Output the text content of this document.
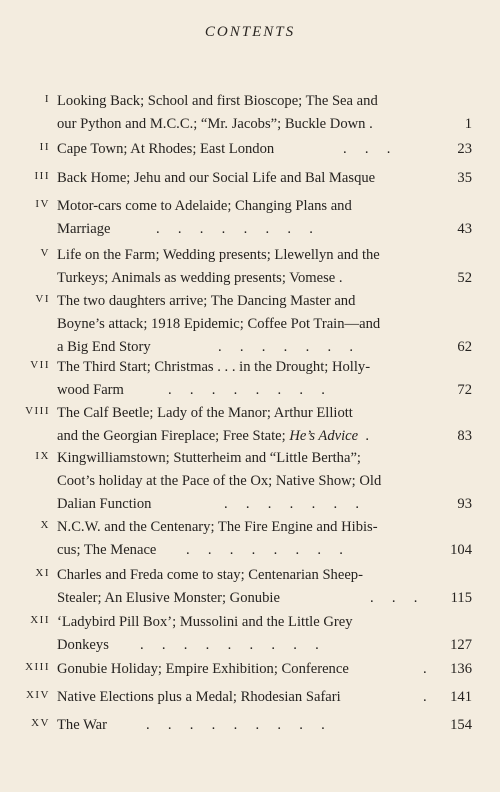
CONTENTS
I Looking Back; School and first Bioscope; The Sea and
our Python and M.C.C.; “Mr. Jacobs”; Buckle Down .	1
II Cape Town; At Rhodes; East London	.     .     .	23
III Back Home; Jehu and our Social Life and Bal Masque	35
IV Motor-cars come to Adelaide; Changing Plans and
Marriage	.     .     .     .     .     .     .     .	43
V Life on the Farm; Wedding presents; Llewellyn and the
Turkeys; Animals as wedding presents; Vomese .	52
VI The two daughters arrive; The Dancing Master and
Boyne’s attack; 1918 Epidemic; Coffee Pot Train—and
a Big End Story	.     .     .     .     .     .     .	62
VII The Third Start; Christmas . . . in the Drought; Holly-
wood Farm	.     .     .     .     .     .     .     .	72
VIII The Calf Beetle; Lady of the Manor; Arthur Elliott
and the Georgian Fireplace; Free State; He’s Advice  .	83
IX Kingwilliamstown; Stutterheim and “Little Bertha”;
Coot’s holiday at the Pace of the Ox; Native Show; Old
Dalian Function	.     .     .     .     .     .     .	93
X N.C.W. and the Centenary; The Fire Engine and Hibis-
cus; The Menace .     .     .     .     .     .     .     .	104
XI Charles and Freda come to stay; Centenarian Sheep-
Stealer; An Elusive Monster; Gonubie	.     .     . 115
XII ‘Ladybird Pill Box’; Mussolini and the Little Grey
Donkeys .     .     .     .     .     .     .     .     .	127
XIII Gonubie Holiday; Empire Exhibition; Conference	. 136
XIV Native Elections plus a Medal; Rhodesian Safari	. 141
XV The War	.     .     .     .     .     .     .     .     .	154
